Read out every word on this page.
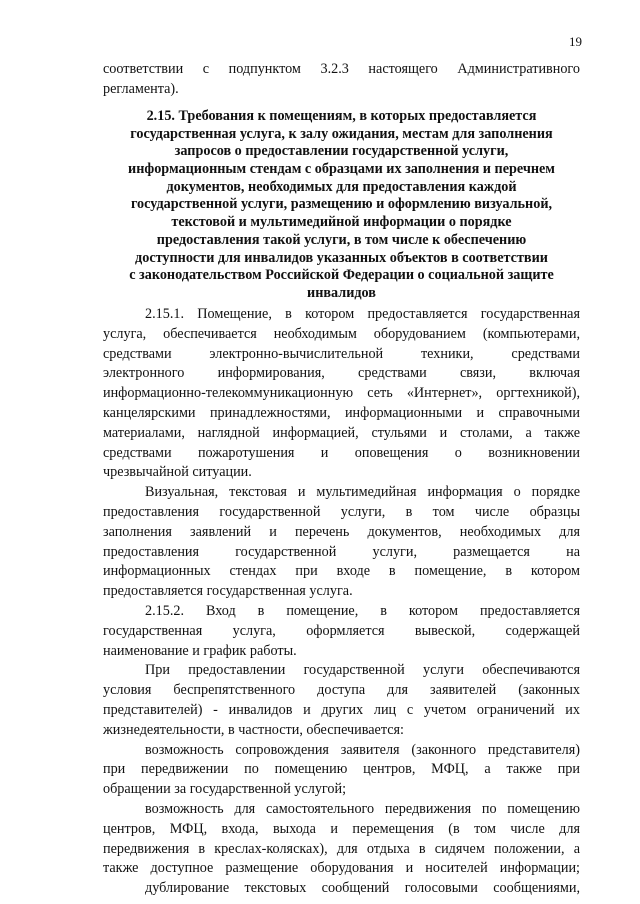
19
соответствии с подпунктом 3.2.3 настоящего Административного
регламента).
2.15. Требования к помещениям, в которых предоставляется
государственная услуга, к залу ожидания, местам для заполнения
запросов о предоставлении государственной услуги,
информационным стендам с образцами их заполнения и перечнем
документов, необходимых для предоставления каждой
государственной услуги, размещению и оформлению визуальной,
текстовой и мультимедийной информации о порядке
предоставления такой услуги, в том числе к обеспечению
доступности для инвалидов указанных объектов в соответствии
с законодательством Российской Федерации о социальной защите
инвалидов
2.15.1. Помещение, в котором предоставляется государственная
услуга, обеспечивается необходимым оборудованием (компьютерами,
средствами электронно-вычислительной техники, средствами
электронного информирования, средствами связи, включая
информационно-телекоммуникационную сеть «Интернет», оргтехникой),
канцелярскими принадлежностями, информационными и справочными
материалами, наглядной информацией, стульями и столами, а также
средствами пожаротушения и оповещения о возникновении
чрезвычайной ситуации.
Визуальная, текстовая и мультимедийная информация о порядке
предоставления государственной услуги, в том числе образцы
заполнения заявлений и перечень документов, необходимых для
предоставления государственной услуги, размещается на
информационных стендах при входе в помещение, в котором
предоставляется государственная услуга.
2.15.2. Вход в помещение, в котором предоставляется
государственная услуга, оформляется вывеской, содержащей
наименование и график работы.
При предоставлении государственной услуги обеспечиваются
условия беспрепятственного доступа для заявителей (законных
представителей) - инвалидов и других лиц с учетом ограничений их
жизнедеятельности, в частности, обеспечивается:
возможность сопровождения заявителя (законного представителя)
при передвижении по помещению центров, МФЦ, а также при
обращении за государственной услугой;
возможность для самостоятельного передвижения по помещению
центров, МФЦ, входа, выхода и перемещения (в том числе для
передвижения в креслах-колясках), для отдыха в сидячем положении, а
также доступное размещение оборудования и носителей информации;
дублирование текстовых сообщений голосовыми сообщениями,
